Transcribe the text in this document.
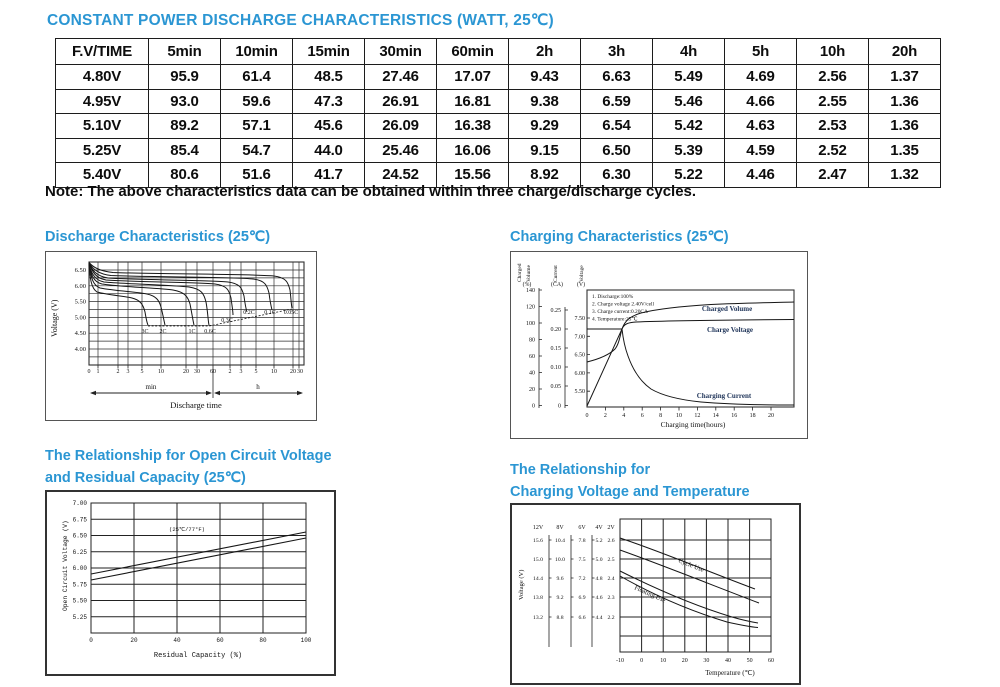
CONSTANT POWER DISCHARGE CHARACTERISTICS (WATT, 25℃)
F.V/TIME	5min	10min	15min	30min	60min	2h	3h	4h	5h	10h	20h
4.80V	95.9	61.4	48.5	27.46	17.07	9.43	6.63	5.49	4.69	2.56	1.37
4.95V	93.0	59.6	47.3	26.91	16.81	9.38	6.59	5.46	4.66	2.55	1.36
5.10V	89.2	57.1	45.6	26.09	16.38	9.29	6.54	5.42	4.63	2.53	1.36
5.25V	85.4	54.7	44.0	25.46	16.06	9.15	6.50	5.39	4.59	2.52	1.35
5.40V	80.6	51.6	41.7	24.52	15.56	8.92	6.30	5.22	4.46	2.47	1.32
Note: The above characteristics data can be obtained within three charge/discharge cycles.
Discharge Characteristics (25℃)
6.50
6.00
5.50
5.00
4.50
4.00
Voltage (V)
0 1	2 3 5 10	20 30 60 2 3 5 10 20 30
3C 2C	1C 0.6C
0.3C
0.2C 0.1C 0.05C
min	h
Discharge time
Charging Characteristics (25℃)
Charged Volume	Current	Voltage
(%)	(CA) (V)
140
120
100
80
60
40
20
0
0.25
0.20
0.15
0.10
0.05
0
7.50
7.00
6.50
6.00
5.50
1. Discharge:100%
2. Charge voltage 2.40V/cell
3. Charge current:0.20CA
4. Temperature:25℃
Charged Volume
Charge Voltage
Charging Current
0	2	4	6	8 10 12 14 16 18 20
Charging time(hours)
The Relationship for Open Circuit Voltage
and Residual Capacity (25℃)
7.00
6.75
6.50
6.25
6.00
5.75
5.50
5.25
(25℃/77°F)
0	20	40	60	80	100
Residual Capacity (%)
Open Circuit Voltage (V)
The Relationship for
Charging Voltage and Temperature
12V 8V 6V 4V 2V
15.6
15.0
14.4
13.8
13.2
10.4
10.0
9.6
9.2
8.8
7.8
7.5
7.2
6.9
6.6
5.2
5.0
4.8
4.6
4.4
2.6
2.5
2.4
2.3
2.2
Cycle Use
Floating Use
-10	0	10	20	30	40	50	60
Temperature (℃)
Voltage (V)
